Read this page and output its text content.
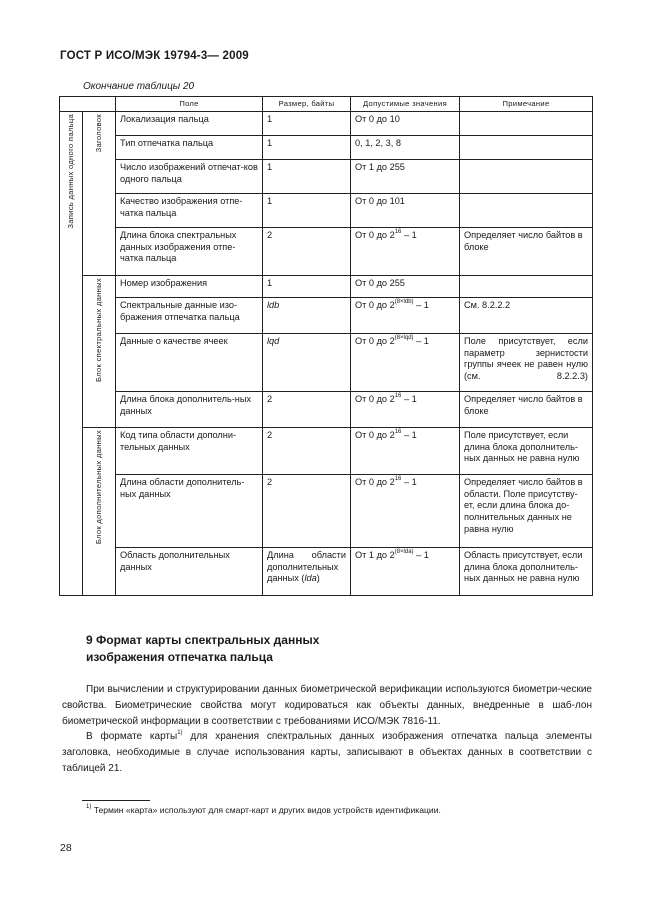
ГОСТ Р ИСО/МЭК 19794-3— 2009
Окончание таблицы 20
		Поле	Размер, байты	Допустимые значения	Примечание
Запись данных одного пальца	Заголовок	Локализация пальца	1	От 0 до 10	
		Тип отпечатка пальца	1	0, 1, 2, 3, 8	
		Число изображений отпечат-ков одного пальца	1	От 1 до 255	
		Качество изображения отпе-чатка пальца	1	От 0 до 101	
		Длина блока спектральных данных изображения отпе-чатка пальца	2	От 0 до $2^{16} - 1$	Определяет число байтов в блоке
	Блок спектральных данных	Номер изображения	1	От 0 до 255	
		Спектральные данные изо-бражения отпечатка пальца	ldb	От 0 до $2^{(8\times ldb)} - 1$	См. 8.2.2.2
		Данные о качестве ячеек	lqd	От 0 до $2^{(8\times lqd)} - 1$	Поле присутствует, если параметр зернистости группы ячеек не равен нулю (см. 8.2.2.3)
		Длина блока дополнитель-ных данных	2	От 0 до $2^{16} - 1$	Определяет число байтов в блоке
	Блок дополнительных данных	Код типа области дополни-тельных данных	2	От 0 до $2^{16} - 1$	Поле присутствует, если длина блока дополнитель-ных данных не равна нулю
		Длина области дополнитель-ных данных	2	От 0 до $2^{16} - 1$	Определяет число байтов в области. Поле присутству-ет, если длина блока до-полнительных данных не равна нулю
		Область дополнительных данных	Длина области
дополнительных
данных (lda)	От 1 до $2^{(8\times lda)} - 1$	Область присутствует, если длина блока дополнитель-ных данных не равна нулю
9 Формат карты спектральных данных
изображения отпечатка пальца

При вычислении и структурировании данных биометрической верификации используются биометри-ческие свойства. Биометрические свойства могут кодироваться как объекты данных, внедренные в шаб-лон биометрической информации в соответствии с требованиями ИСО/МЭК 7816-11.

В формате карты$^{1)}$ для хранения спектральных данных изображения отпечатка пальца элементы заголовка, необходимые в случае использования карты, записывают в объектах данных в соответствии с таблицей 21.

$^{1)}$ Термин «карта» используют для смарт-карт и других видов устройств идентификации.
28
